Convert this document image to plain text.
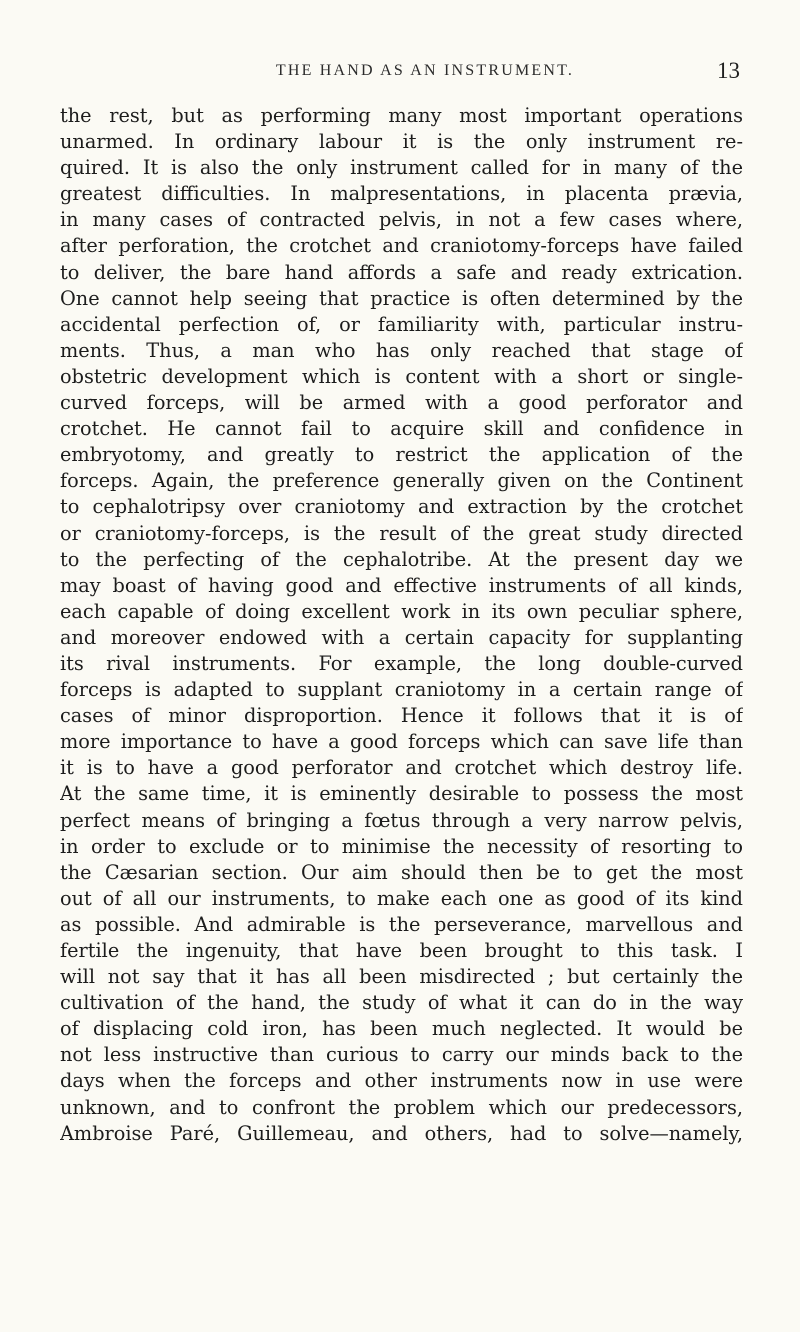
THE HAND AS AN INSTRUMENT.	13
the rest, but as performing many most important operations
unarmed. In ordinary labour it is the only instrument re-
quired. It is also the only instrument called for in many of the
greatest difficulties. In malpresentations, in placenta prævia,
in many cases of contracted pelvis, in not a few cases where,
after perforation, the crotchet and craniotomy-forceps have failed
to deliver, the bare hand affords a safe and ready extrication.
One cannot help seeing that practice is often determined by the
accidental perfection of, or familiarity with, particular instru-
ments. Thus, a man who has only reached that stage of
obstetric development which is content with a short or single-
curved forceps, will be armed with a good perforator and
crotchet. He cannot fail to acquire skill and confidence in
embryotomy, and greatly to restrict the application of the
forceps. Again, the preference generally given on the Continent
to cephalotripsy over craniotomy and extraction by the crotchet
or craniotomy-forceps, is the result of the great study directed
to the perfecting of the cephalotribe. At the present day we
may boast of having good and effective instruments of all kinds,
each capable of doing excellent work in its own peculiar sphere,
and moreover endowed with a certain capacity for supplanting
its rival instruments. For example, the long double-curved
forceps is adapted to supplant craniotomy in a certain range of
cases of minor disproportion. Hence it follows that it is of
more importance to have a good forceps which can save life than
it is to have a good perforator and crotchet which destroy life.
At the same time, it is eminently desirable to possess the most
perfect means of bringing a fœtus through a very narrow pelvis,
in order to exclude or to minimise the necessity of resorting to
the Cæsarian section. Our aim should then be to get the most
out of all our instruments, to make each one as good of its kind
as possible. And admirable is the perseverance, marvellous and
fertile the ingenuity, that have been brought to this task. I
will not say that it has all been misdirected ; but certainly the
cultivation of the hand, the study of what it can do in the way
of displacing cold iron, has been much neglected. It would be
not less instructive than curious to carry our minds back to the
days when the forceps and other instruments now in use were
unknown, and to confront the problem which our predecessors,
Ambroise Paré, Guillemeau, and others, had to solve—namely,
